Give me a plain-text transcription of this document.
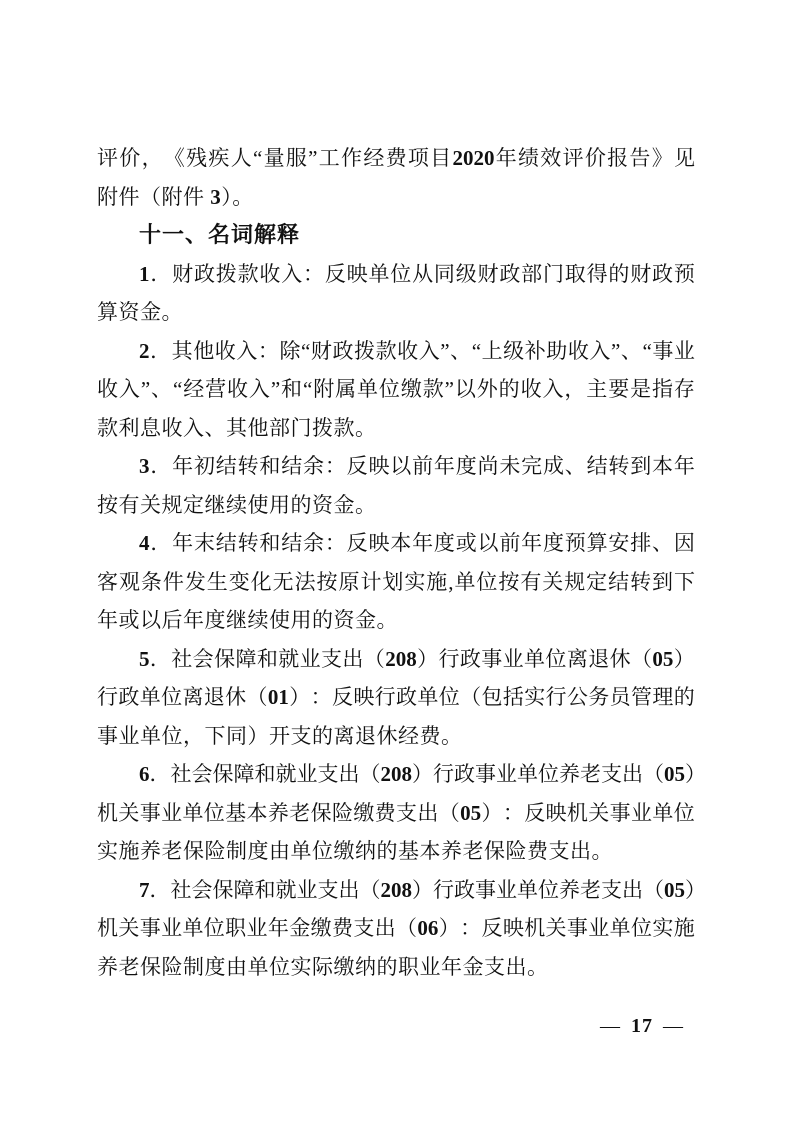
评 价 ， 《 残 疾 人 “ 量 服 ” 工 作 经 费 项 目 2020 年 绩 效 评 价 报 告 》 见
附件（附件 3）。
十一、名词解释
1 ． 财 政 拨 款 收 入 ： 反 映 单 位 从 同 级 财 政 部 门 取 得 的 财 政 预
算资金。
2 ． 其 他 收 入 ： 除 “ 财 政 拨 款 收 入 ” 、 “ 上 级 补 助 收 入 ” 、 “ 事 业
收 入 ” 、 “ 经 营 收 入 ” 和 “ 附 属 单 位 缴 款 ” 以 外 的 收 入 ， 主 要 是 指 存
款利息收入、其他部门拨款。
3 ． 年 初 结 转 和 结 余 ： 反 映 以 前 年 度 尚 未 完 成 、 结 转 到 本 年
按有关规定继续使用的资金。
4 ． 年 末 结 转 和 结 余 ： 反 映 本 年 度 或 以 前 年 度 预 算 安 排 、 因
客 观 条 件 发 生 变 化 无 法 按 原 计 划 实 施 , 单 位 按 有 关 规 定 结 转 到 下
年或以后年度继续使用的资金。
5 ． 社 会 保 障 和 就 业 支 出 （ 208 ） 行 政 事 业 单 位 离 退 休 （ 05 ）
行 政 单 位 离 退 休 （ 01 ） ： 反 映 行 政 单 位 （ 包 括 实 行 公 务 员 管 理 的
事业单位，下同）开支的离退休经费。
6 ． 社 会 保 障 和 就 业 支 出 （ 208 ） 行 政 事 业 单 位 养 老 支 出 （ 05 ）
机 关 事 业 单 位 基 本 养 老 保 险 缴 费 支 出 （ 05 ） ： 反 映 机 关 事 业 单 位
实施养老保险制度由单位缴纳的基本养老保险费支出。
7 ． 社 会 保 障 和 就 业 支 出 （ 208 ） 行 政 事 业 单 位 养 老 支 出 （ 05 ）
机 关 事 业 单 位 职 业 年 金 缴 费 支 出 （ 06 ） ： 反 映 机 关 事 业 单 位 实 施
养老保险制度由单位实际缴纳的职业年金支出。
— 17 —
